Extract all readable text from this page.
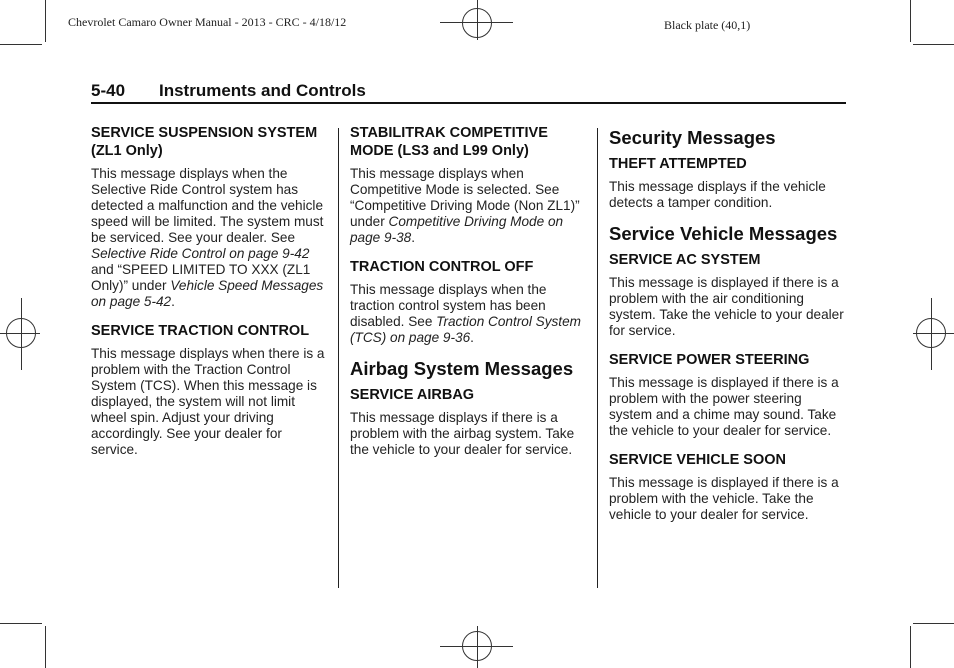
Chevrolet Camaro Owner Manual - 2013 - CRC - 4/18/12	Black plate (40,1)
5-40 Instruments and Controls
SERVICE SUSPENSION SYSTEM (ZL1 Only)

This message displays when the Selective Ride Control system has detected a malfunction and the vehicle speed will be limited. The system must be serviced. See your dealer. See Selective Ride Control on page 9-42 and “SPEED LIMITED TO XXX (ZL1 Only)” under Vehicle Speed Messages on page 5-42.

SERVICE TRACTION CONTROL

This message displays when there is a problem with the Traction Control System (TCS). When this message is displayed, the system will not limit wheel spin. Adjust your driving accordingly. See your dealer for service.

STABILITRAK COMPETITIVE MODE (LS3 and L99 Only)

This message displays when Competitive Mode is selected. See “Competitive Driving Mode (Non ZL1)” under Competitive Driving Mode on page 9-38.

TRACTION CONTROL OFF

This message displays when the traction control system has been disabled. See Traction Control System (TCS) on page 9-36.

Airbag System Messages
SERVICE AIRBAG

This message displays if there is a problem with the airbag system. Take the vehicle to your dealer for service.

Security Messages
THEFT ATTEMPTED

This message displays if the vehicle detects a tamper condition.

Service Vehicle Messages
SERVICE AC SYSTEM

This message is displayed if there is a problem with the air conditioning system. Take the vehicle to your dealer for service.

SERVICE POWER STEERING

This message is displayed if there is a problem with the power steering system and a chime may sound. Take the vehicle to your dealer for service.

SERVICE VEHICLE SOON

This message is displayed if there is a problem with the vehicle. Take the vehicle to your dealer for service.
